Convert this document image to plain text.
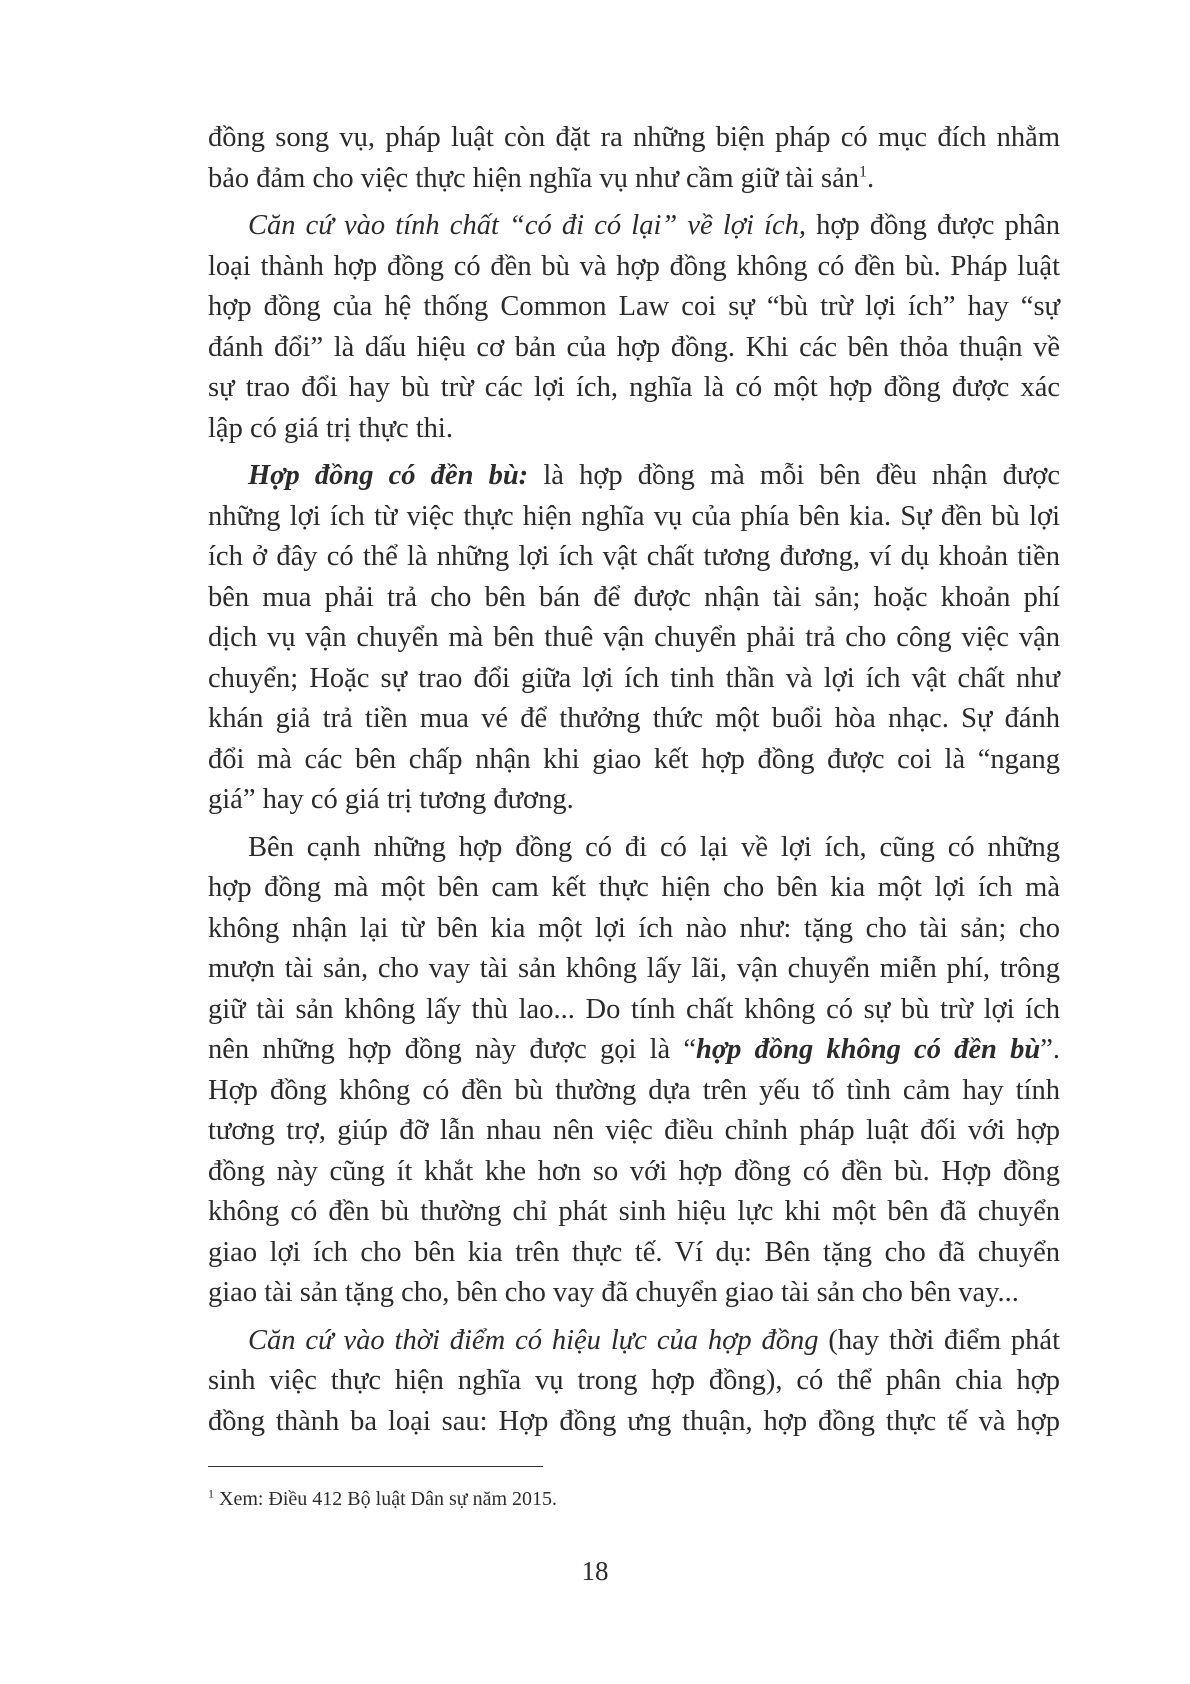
đồng song vụ, pháp luật còn đặt ra những biện pháp có mục đích nhằm
bảo đảm cho việc thực hiện nghĩa vụ như cầm giữ tài sản$^1$.
Căn cứ vào tính chất “có đi có lại” về lợi ích, hợp đồng được phân
loại thành hợp đồng có đền bù và hợp đồng không có đền bù. Pháp luật
hợp đồng của hệ thống Common Law coi sự “bù trừ lợi ích” hay “sự
đánh đổi” là dấu hiệu cơ bản của hợp đồng. Khi các bên thỏa thuận về
sự trao đổi hay bù trừ các lợi ích, nghĩa là có một hợp đồng được xác
lập có giá trị thực thi.
Hợp đồng có đền bù: là hợp đồng mà mỗi bên đều nhận được
những lợi ích từ việc thực hiện nghĩa vụ của phía bên kia. Sự đền bù lợi
ích ở đây có thể là những lợi ích vật chất tương đương, ví dụ khoản tiền
bên mua phải trả cho bên bán để được nhận tài sản; hoặc khoản phí
dịch vụ vận chuyển mà bên thuê vận chuyển phải trả cho công việc vận
chuyển; Hoặc sự trao đổi giữa lợi ích tinh thần và lợi ích vật chất như
khán giả trả tiền mua vé để thưởng thức một buổi hòa nhạc. Sự đánh
đổi mà các bên chấp nhận khi giao kết hợp đồng được coi là “ngang
giá” hay có giá trị tương đương.
Bên cạnh những hợp đồng có đi có lại về lợi ích, cũng có những
hợp đồng mà một bên cam kết thực hiện cho bên kia một lợi ích mà
không nhận lại từ bên kia một lợi ích nào như: tặng cho tài sản; cho
mượn tài sản, cho vay tài sản không lấy lãi, vận chuyển miễn phí, trông
giữ tài sản không lấy thù lao... Do tính chất không có sự bù trừ lợi ích
nên những hợp đồng này được gọi là “hợp đồng không có đền bù”.
Hợp đồng không có đền bù thường dựa trên yếu tố tình cảm hay tính
tương trợ, giúp đỡ lẫn nhau nên việc điều chỉnh pháp luật đối với hợp
đồng này cũng ít khắt khe hơn so với hợp đồng có đền bù. Hợp đồng
không có đền bù thường chỉ phát sinh hiệu lực khi một bên đã chuyển
giao lợi ích cho bên kia trên thực tế. Ví dụ: Bên tặng cho đã chuyển
giao tài sản tặng cho, bên cho vay đã chuyển giao tài sản cho bên vay...
Căn cứ vào thời điểm có hiệu lực của hợp đồng (hay thời điểm phát
sinh việc thực hiện nghĩa vụ trong hợp đồng), có thể phân chia hợp
đồng thành ba loại sau: Hợp đồng ưng thuận, hợp đồng thực tế và hợp
$^1$ Xem: Điều 412 Bộ luật Dân sự năm 2015.
18
